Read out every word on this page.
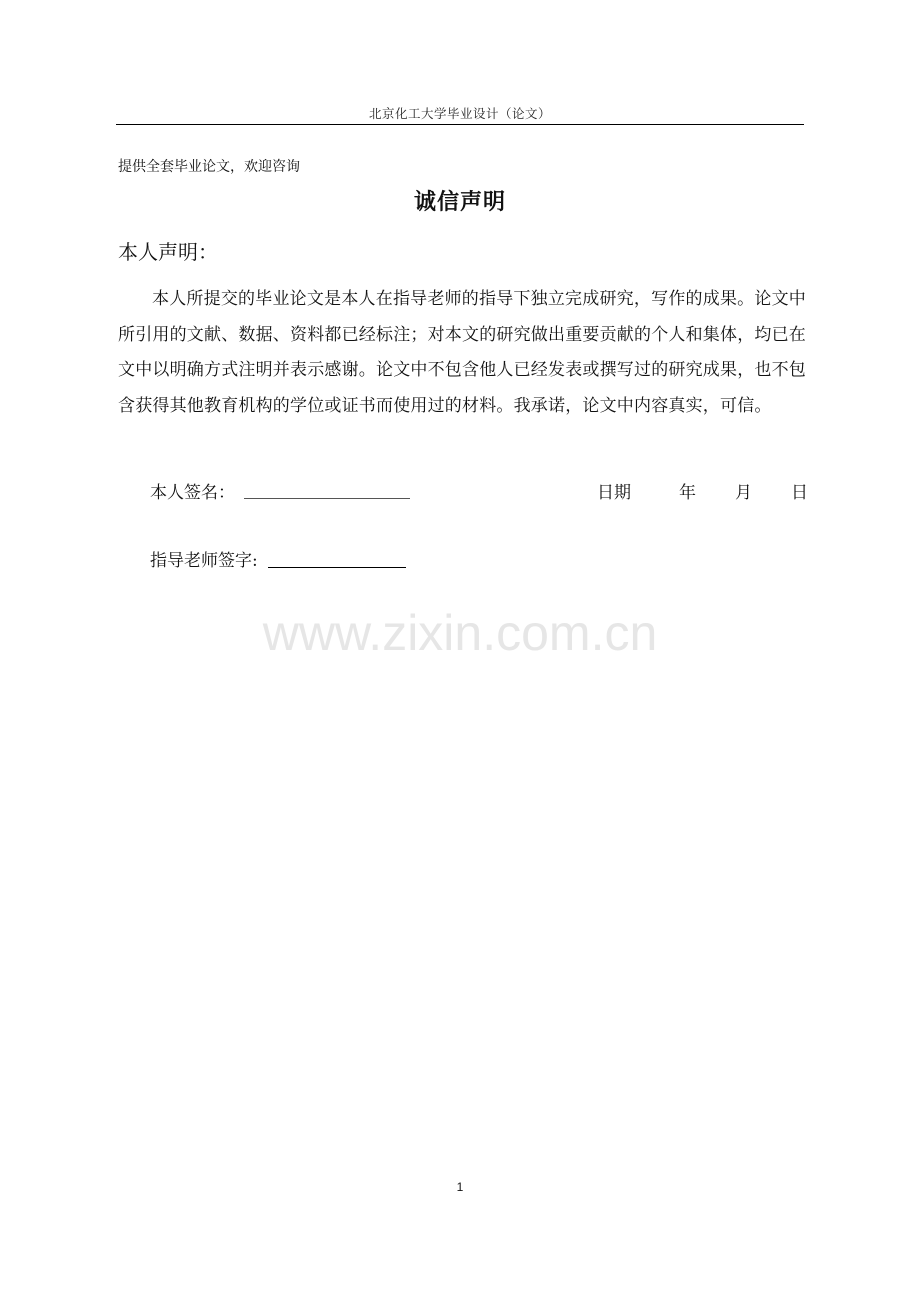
北京化工大学毕业设计（论文）
提供全套毕业论文，欢迎咨询
诚信声明
本人声明：
本人所提交的毕业论文是本人在指导老师的指导下独立完成研究，写作的成果。论文中所引用的文献、数据、资料都已经标注；对本文的研究做出重要贡献的个人和集体，均已在文中以明确方式注明并表示感谢。论文中不包含他人已经发表或撰写过的研究成果，也不包含获得其他教育机构的学位或证书而使用过的材料。我承诺，论文中内容真实，可信。
本人签名：	日期	年 月 日
指导老师签字:
www.zixin.com.cn
1
